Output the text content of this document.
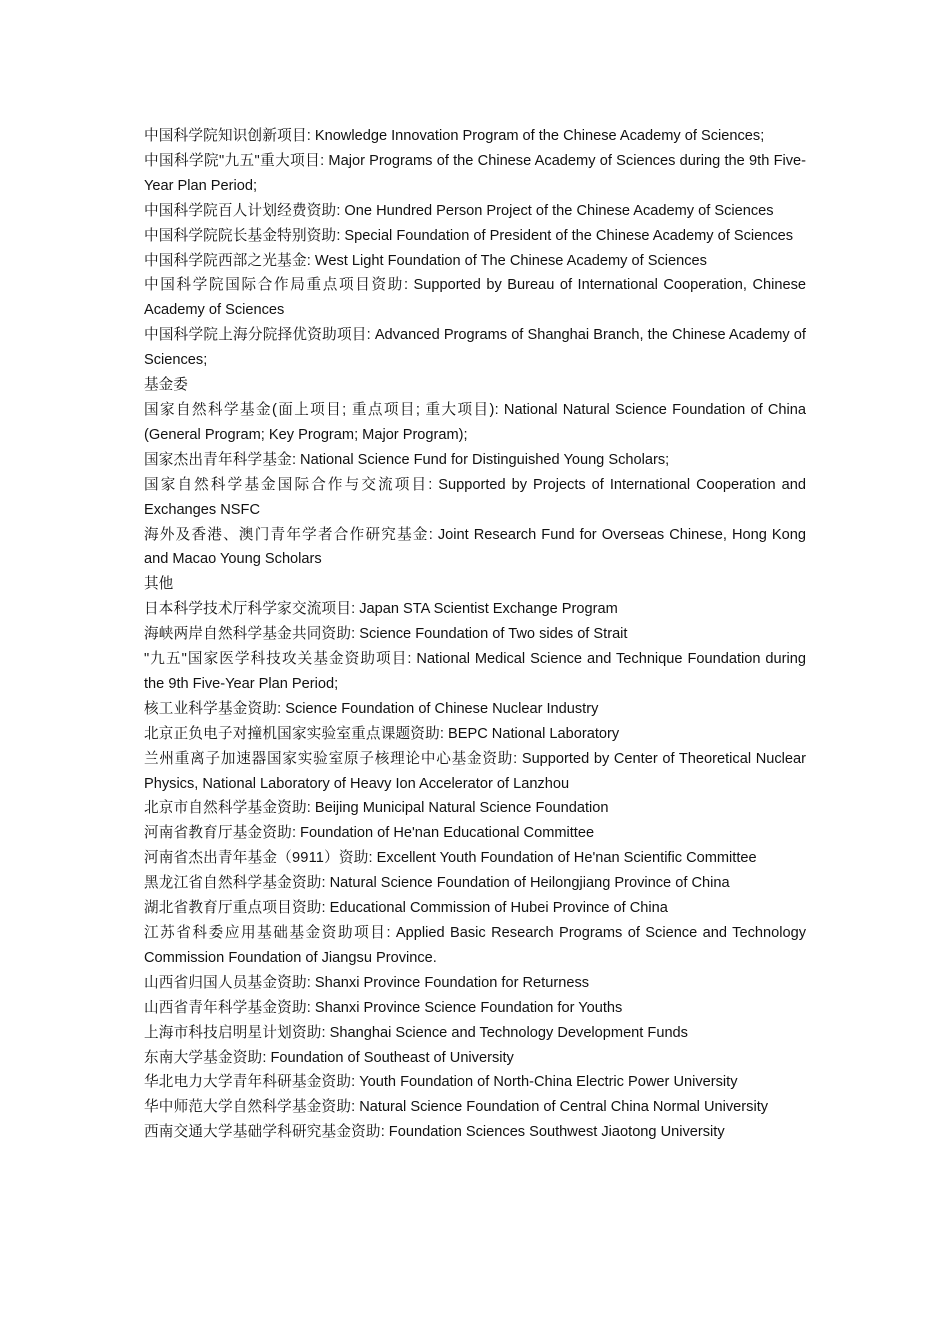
中国科学院知识创新项目: Knowledge Innovation Program of the Chinese Academy of Sciences;

中国科学院"九五"重大项目: Major Programs of the Chinese Academy of Sciences during the 9th Five-Year Plan Period;

中国科学院百人计划经费资助: One Hundred Person Project of the Chinese Academy of Sciences

中国科学院院长基金特别资助: Special Foundation of President of the Chinese Academy of Sciences

中国科学院西部之光基金: West Light Foundation of The Chinese Academy of Sciences

中国科学院国际合作局重点项目资助: Supported by Bureau of International Cooperation, Chinese Academy of Sciences

中国科学院上海分院择优资助项目: Advanced Programs of Shanghai Branch, the Chinese Academy of Sciences;

基金委

国家自然科学基金(面上项目; 重点项目; 重大项目): National Natural Science Foundation of China (General Program; Key Program; Major Program);

国家杰出青年科学基金: National Science Fund for Distinguished Young Scholars;

国家自然科学基金国际合作与交流项目: Supported by Projects of International Cooperation and Exchanges NSFC

海外及香港、澳门青年学者合作研究基金: Joint Research Fund for Overseas Chinese, Hong Kong and Macao Young Scholars

其他

日本科学技术厅科学家交流项目: Japan STA Scientist Exchange Program

海峡两岸自然科学基金共同资助: Science Foundation of Two sides of Strait

"九五"国家医学科技攻关基金资助项目: National Medical Science and Technique Foundation during the 9th Five-Year Plan Period;

核工业科学基金资助: Science Foundation of Chinese Nuclear Industry

北京正负电子对撞机国家实验室重点课题资助: BEPC National Laboratory

兰州重离子加速器国家实验室原子核理论中心基金资助: Supported by Center of Theoretical Nuclear Physics, National Laboratory of Heavy Ion Accelerator of Lanzhou

北京市自然科学基金资助: Beijing Municipal Natural Science Foundation

河南省教育厅基金资助: Foundation of He'nan Educational Committee

河南省杰出青年基金（9911）资助: Excellent Youth Foundation of He'nan Scientific Committee

黑龙江省自然科学基金资助: Natural Science Foundation of Heilongjiang Province of China

湖北省教育厅重点项目资助: Educational Commission of Hubei Province of China

江苏省科委应用基础基金资助项目: Applied Basic Research Programs of Science and Technology Commission Foundation of Jiangsu Province.

山西省归国人员基金资助: Shanxi Province Foundation for Returness

山西省青年科学基金资助: Shanxi Province Science Foundation for Youths

上海市科技启明星计划资助: Shanghai Science and Technology Development Funds

东南大学基金资助: Foundation of Southeast of University

华北电力大学青年科研基金资助: Youth Foundation of North-China Electric Power University

华中师范大学自然科学基金资助: Natural Science Foundation of Central China Normal University

西南交通大学基础学科研究基金资助: Foundation Sciences Southwest Jiaotong University
